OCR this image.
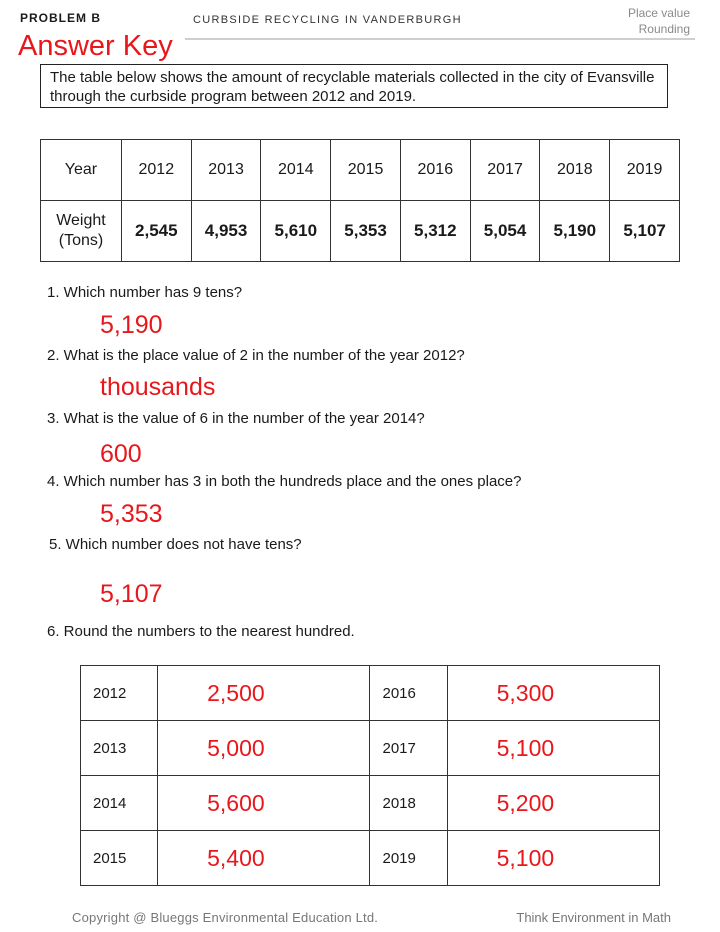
PROBLEM B	CURBSIDE RECYCLING IN VANDERBURGH	Place value
Rounding
Answer Key
The table below shows the amount of recyclable materials collected in the city of Evansville through the curbside program between 2012 and 2019.
Year	2012	2013	2014	2015	2016	2017	2018	2019

Weight
(Tons)	2,545	4,953	5,610	5,353	5,312	5,054	5,190	5,107
1. Which number has 9 tens?
5,190
2. What is the place value of 2 in the number of the year 2012?
thousands
3. What is the value of 6 in the number of the year 2014?
600
4. Which number has 3 in both the hundreds place and the ones place?
5,353
5. Which number does not have tens?
5,107
6. Round the numbers to the nearest hundred.
2012	2,500	2016	5,300
2013	5,000	2017	5,100
2014	5,600	2018	5,200
2015	5,400	2019	5,100
Copyright @ Blueggs Environmental Education Ltd.	Think Environment in Math
